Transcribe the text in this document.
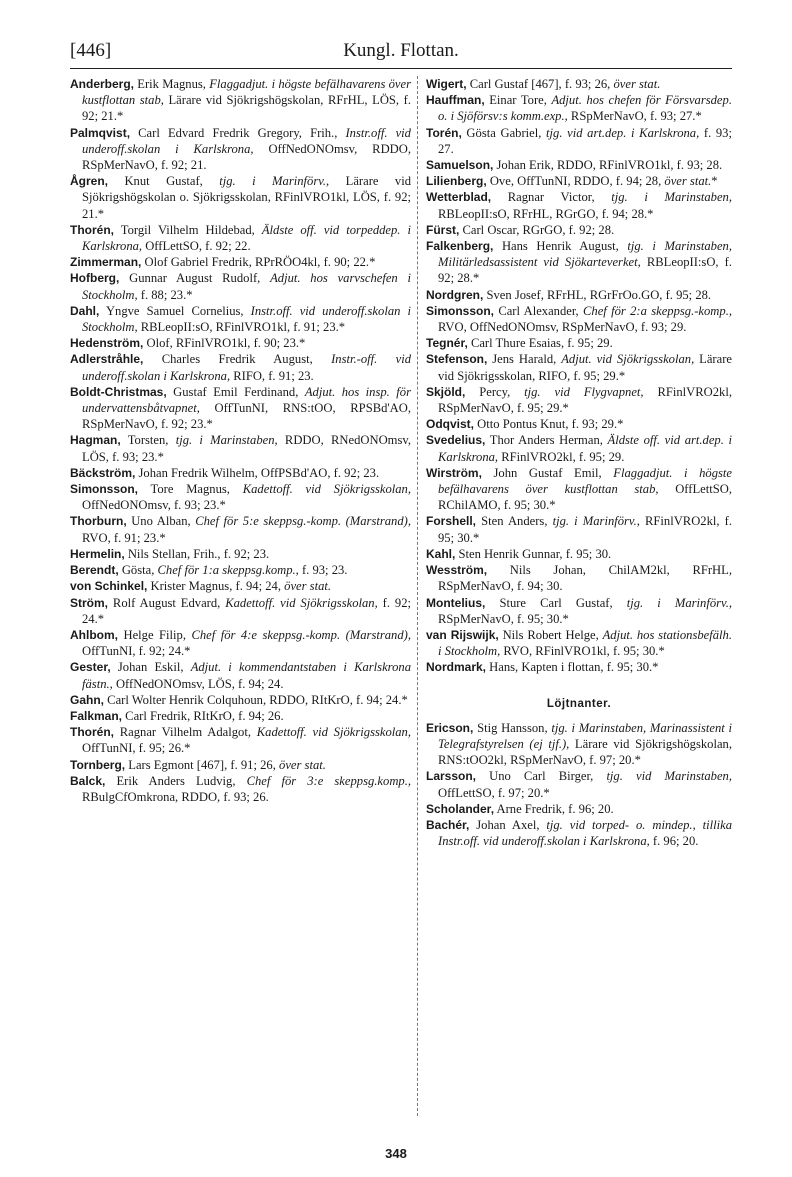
[446]	Kungl. Flottan.
Anderberg, Erik Magnus, Flaggadjut. i högste befälhavarens över kustflottan stab, Lärare vid Sjökrigshögskolan, RFrHL, LÖS, f. 92; 21.*
Palmqvist, Carl Edvard Fredrik Gregory, Frih., Instr.off. vid underoff.skolan i Karlskrona, OffNedONOmsv, RDDO, RSpMerNavO, f. 92; 21.
Ågren, Knut Gustaf, tjg. i Marinförv., Lärare vid Sjökrigshögskolan o. Sjökrigsskolan, RFinlVRO1kl, LÖS, f. 92; 21.*
Thorén, Torgil Vilhelm Hildebad, Äldste off. vid torpeddep. i Karlskrona, OffLettSO, f. 92; 22.
Zimmerman, Olof Gabriel Fredrik, RPrRÖO4kl, f. 90; 22.*
Hofberg, Gunnar August Rudolf, Adjut. hos varvschefen i Stockholm, f. 88; 23.*
Dahl, Yngve Samuel Cornelius, Instr.off. vid underoff.skolan i Stockholm, RBLeopII:sO, RFinlVRO1kl, f. 91; 23.*
Hedenström, Olof, RFinlVRO1kl, f. 90; 23.*
Adlerstråhle, Charles Fredrik August, Instr.-off. vid underoff.skolan i Karlskrona, RIFO, f. 91; 23.
Boldt-Christmas, Gustaf Emil Ferdinand, Adjut. hos insp. för undervattensbåtvapnet, OffTunNI, RNS:tOO, RPSBd'AO, RSpMerNavO, f. 92; 23.*
Hagman, Torsten, tjg. i Marinstaben, RDDO, RNedONOmsv, LÖS, f. 93; 23.*
Bäckström, Johan Fredrik Wilhelm, OffPSBd'AO, f. 92; 23.
Simonsson, Tore Magnus, Kadettoff. vid Sjökrigsskolan, OffNedONOmsv, f. 93; 23.*
Thorburn, Uno Alban, Chef för 5:e skeppsg.-komp. (Marstrand), RVO, f. 91; 23.*
Hermelin, Nils Stellan, Frih., f. 92; 23.
Berendt, Gösta, Chef för 1:a skeppsg.komp., f. 93; 23.
von Schinkel, Krister Magnus, f. 94; 24, över stat.
Ström, Rolf August Edvard, Kadettoff. vid Sjökrigsskolan, f. 92; 24.*
Ahlbom, Helge Filip, Chef för 4:e skeppsg.-komp. (Marstrand), OffTunNI, f. 92; 24.*
Gester, Johan Eskil, Adjut. i kommendantstaben i Karlskrona fästn., OffNedONOmsv, LÖS, f. 94; 24.
Gahn, Carl Wolter Henrik Colquhoun, RDDO, RItKrO, f. 94; 24.*
Falkman, Carl Fredrik, RItKrO, f. 94; 26.
Thorén, Ragnar Vilhelm Adalgot, Kadettoff. vid Sjökrigsskolan, OffTunNI, f. 95; 26.*
Tornberg, Lars Egmont [467], f. 91; 26, över stat.
Balck, Erik Anders Ludvig, Chef för 3:e skeppsg.komp., RBulgCfOmkrona, RDDO, f. 93; 26.
Wigert, Carl Gustaf [467], f. 93; 26, över stat.
Hauffman, Einar Tore, Adjut. hos chefen för Försvarsdep. o. i Sjöförsv:s komm.exp., RSpMerNavO, f. 93; 27.*
Torén, Gösta Gabriel, tjg. vid art.dep. i Karlskrona, f. 93; 27.
Samuelson, Johan Erik, RDDO, RFinlVRO1kl, f. 93; 28.
Lilienberg, Ove, OffTunNI, RDDO, f. 94; 28, över stat.*
Wetterblad, Ragnar Victor, tjg. i Marinstaben, RBLeopII:sO, RFrHL, RGrGO, f. 94; 28.*
Fürst, Carl Oscar, RGrGO, f. 92; 28.
Falkenberg, Hans Henrik August, tjg. i Marinstaben, Militärledsassistent vid Sjökarteverket, RBLeopII:sO, f. 92; 28.*
Nordgren, Sven Josef, RFrHL, RGrFrOo.GO, f. 95; 28.
Simonsson, Carl Alexander, Chef för 2:a skeppsg.-komp., RVO, OffNedONOmsv, RSpMerNavO, f. 93; 29.
Tegnér, Carl Thure Esaias, f. 95; 29.
Stefenson, Jens Harald, Adjut. vid Sjökrigsskolan, Lärare vid Sjökrigsskolan, RIFO, f. 95; 29.*
Skjöld, Percy, tjg. vid Flygvapnet, RFinlVRO2kl, RSpMerNavO, f. 95; 29.*
Odqvist, Otto Pontus Knut, f. 93; 29.*
Svedelius, Thor Anders Herman, Äldste off. vid art.dep. i Karlskrona, RFinlVRO2kl, f. 95; 29.
Wirström, John Gustaf Emil, Flaggadjut. i högste befälhavarens över kustflottan stab, OffLettSO, RChilAMO, f. 95; 30.*
Forshell, Sten Anders, tjg. i Marinförv., RFinlVRO2kl, f. 95; 30.*
Kahl, Sten Henrik Gunnar, f. 95; 30.
Wesström, Nils Johan, ChilAM2kl, RFrHL, RSpMerNavO, f. 94; 30.
Montelius, Sture Carl Gustaf, tjg. i Marinförv., RSpMerNavO, f. 95; 30.*
van Rijswijk, Nils Robert Helge, Adjut. hos stationsbefälh. i Stockholm, RVO, RFinlVRO1kl, f. 95; 30.*
Nordmark, Hans, Kapten i flottan, f. 95; 30.*
Löjtnanter.
Ericson, Stig Hansson, tjg. i Marinstaben, Marinassistent i Telegrafstyrelsen (ej tjf.), Lärare vid Sjökrigshögskolan, RNS:tOO2kl, RSpMerNavO, f. 97; 20.*
Larsson, Uno Carl Birger, tjg. vid Marinstaben, OffLettSO, f. 97; 20.*
Scholander, Arne Fredrik, f. 96; 20.
Bachér, Johan Axel, tjg. vid torped- o. mindep., tillika Instr.off. vid underoff.skolan i Karlskrona, f. 96; 20.
348
